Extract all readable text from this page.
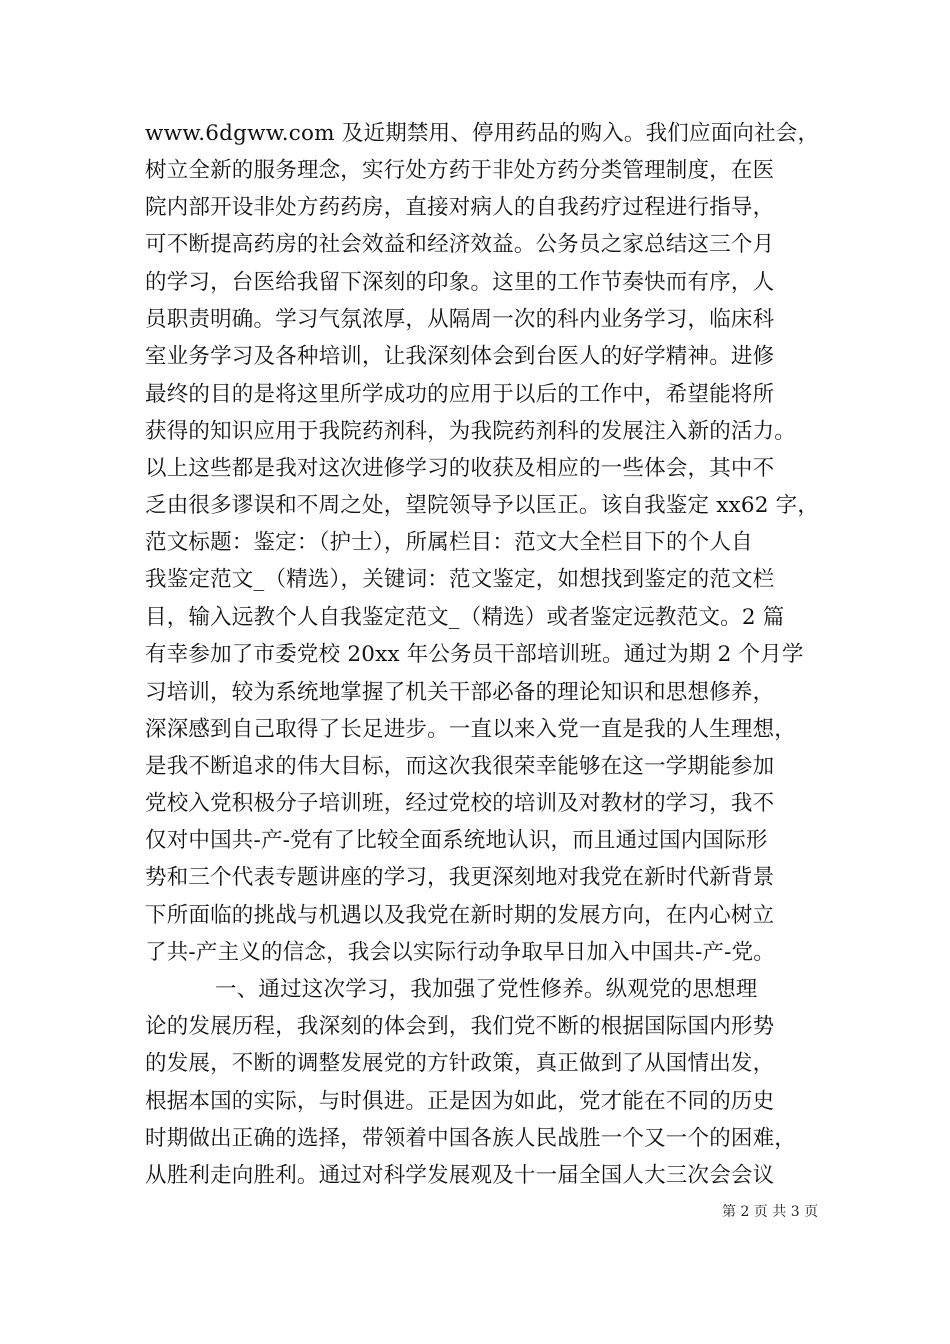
www.6dgww.com 及近期禁用、停用药品的购入。我们应面向社会，
树立全新的服务理念，实行处方药于非处方药分类管理制度，在医
院内部开设非处方药药房，直接对病人的自我药疗过程进行指导，
可不断提高药房的社会效益和经济效益。公务员之家总结这三个月
的学习，台医给我留下深刻的印象。这里的工作节奏快而有序，人
员职责明确。学习气氛浓厚，从隔周一次的科内业务学习，临床科
室业务学习及各种培训，让我深刻体会到台医人的好学精神。进修
最终的目的是将这里所学成功的应用于以后的工作中，希望能将所
获得的知识应用于我院药剂科，为我院药剂科的发展注入新的活力。
以上这些都是我对这次进修学习的收获及相应的一些体会，其中不
乏由很多谬误和不周之处，望院领导予以匡正。该自我鉴定 xx62 字，
范文标题：鉴定：（护士），所属栏目：范文大全栏目下的个人自
我鉴定范文_（精选），关键词：范文鉴定，如想找到鉴定的范文栏
目，输入远教个人自我鉴定范文_（精选）或者鉴定远教范文。2 篇
有幸参加了市委党校 20xx 年公务员干部培训班。通过为期 2 个月学
习培训，较为系统地掌握了机关干部必备的理论知识和思想修养，
深深感到自己取得了长足进步。一直以来入党一直是我的人生理想，
是我不断追求的伟大目标，而这次我很荣幸能够在这一学期能参加
党校入党积极分子培训班，经过党校的培训及对教材的学习，我不
仅对中国共-产-党有了比较全面系统地认识，而且通过国内国际形
势和三个代表专题讲座的学习，我更深刻地对我党在新时代新背景
下所面临的挑战与机遇以及我党在新时期的发展方向，在内心树立
了共-产主义的信念，我会以实际行动争取早日加入中国共-产-党。
一、通过这次学习，我加强了党性修养。纵观党的思想理
论的发展历程，我深刻的体会到，我们党不断的根据国际国内形势
的发展，不断的调整发展党的方针政策，真正做到了从国情出发，
根据本国的实际，与时俱进。正是因为如此，党才能在不同的历史
时期做出正确的选择，带领着中国各族人民战胜一个又一个的困难，
从胜利走向胜利。通过对科学发展观及十一届全国人大三次会会议
第 2 页 共 3 页
